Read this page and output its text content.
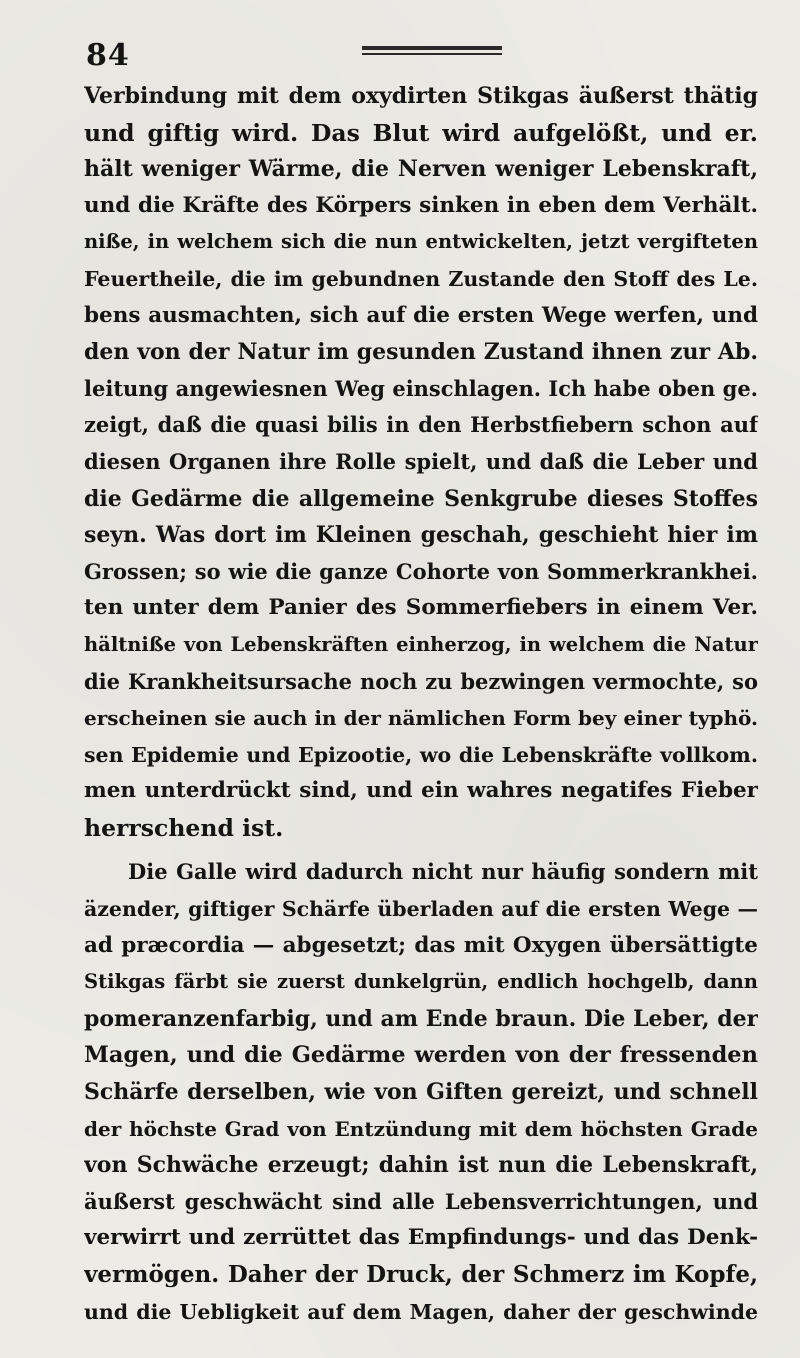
84
Verbindung mit dem oxydirten Stikgas äußerst thätig
und giftig wird. Das Blut wird aufgelößt, und er.
hält weniger Wärme, die Nerven weniger Lebenskraft,
und die Kräfte des Körpers sinken in eben dem Verhält.
niße, in welchem sich die nun entwickelten, jetzt vergifteten
Feuertheile, die im gebundnen Zustande den Stoff des Le.
bens ausmachten, sich auf die ersten Wege werfen, und
den von der Natur im gesunden Zustand ihnen zur Ab.
leitung angewiesnen Weg einschlagen. Ich habe oben ge.
zeigt, daß die quasi bilis in den Herbstfiebern schon auf
diesen Organen ihre Rolle spielt, und daß die Leber und
die Gedärme die allgemeine Senkgrube dieses Stoffes
seyn. Was dort im Kleinen geschah, geschieht hier im
Grossen; so wie die ganze Cohorte von Sommerkrankhei.
ten unter dem Panier des Sommerfiebers in einem Ver.
hältniße von Lebenskräften einherzog, in welchem die Natur
die Krankheitsursache noch zu bezwingen vermochte, so
erscheinen sie auch in der nämlichen Form bey einer typhö.
sen Epidemie und Epizootie, wo die Lebenskräfte vollkom.
men unterdrückt sind, und ein wahres negatifes Fieber
herrschend ist.
Die Galle wird dadurch nicht nur häufig sondern mit
äzender, giftiger Schärfe überladen auf die ersten Wege —
ad præcordia — abgesetzt; das mit Oxygen übersättigte
Stikgas färbt sie zuerst dunkelgrün, endlich hochgelb, dann
pomeranzenfarbig, und am Ende braun. Die Leber, der
Magen, und die Gedärme werden von der fressenden
Schärfe derselben, wie von Giften gereizt, und schnell
der höchste Grad von Entzündung mit dem höchsten Grade
von Schwäche erzeugt; dahin ist nun die Lebenskraft,
äußerst geschwächt sind alle Lebensverrichtungen, und
verwirrt und zerrüttet das Empfindungs- und das Denk-
vermögen. Daher der Druck, der Schmerz im Kopfe,
und die Uebligkeit auf dem Magen, daher der geschwinde
